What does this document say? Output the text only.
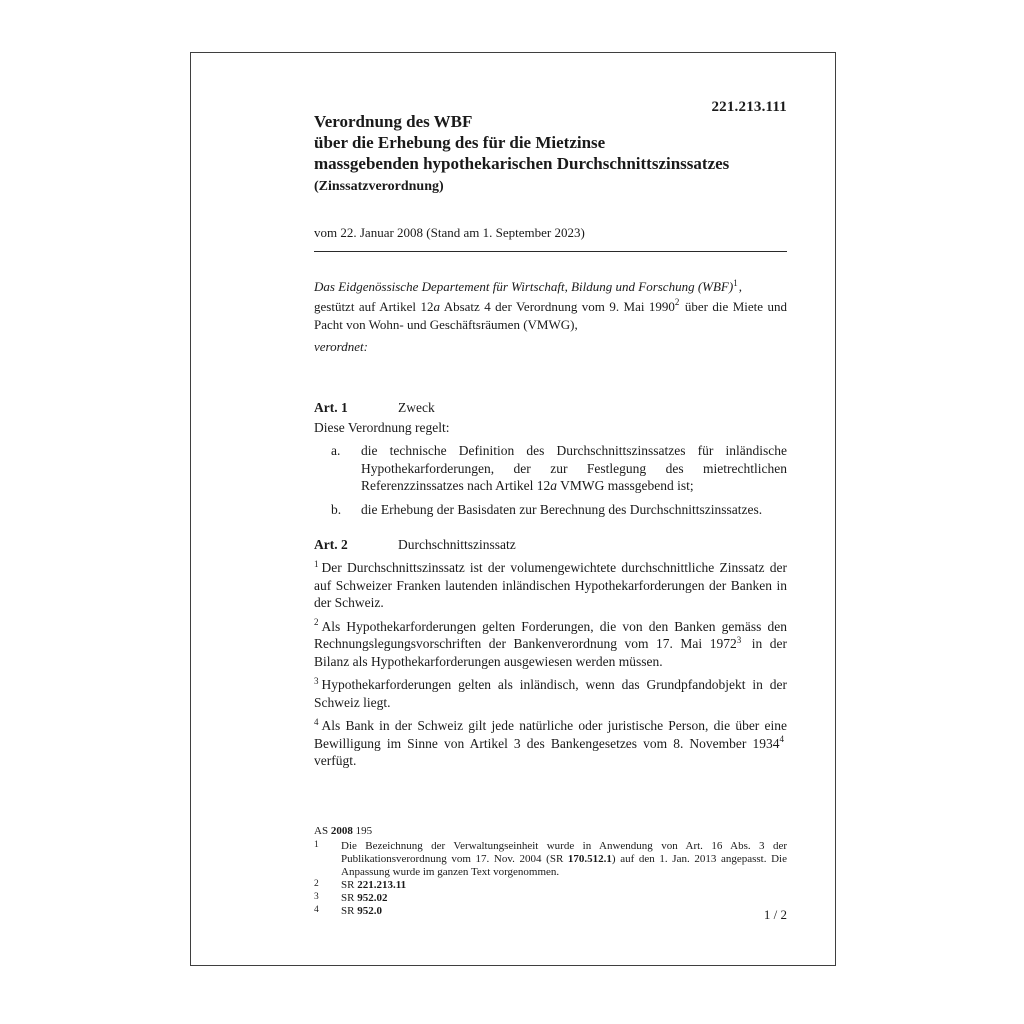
221.213.111
Verordnung des WBF
über die Erhebung des für die Mietzinse
massgebenden hypothekarischen Durchschnittszinssatzes
(Zinssatzverordnung)
vom 22. Januar 2008 (Stand am 1. September 2023)
Das Eidgenössische Departement für Wirtschaft, Bildung und Forschung (WBF)$^1$,
gestützt auf Artikel 12a Absatz 4 der Verordnung vom 9. Mai 1990$^2$ über die Miete und Pacht von Wohn- und Geschäftsräumen (VMWG),
verordnet:
Art. 1	Zweck
Diese Verordnung regelt:
a. die technische Definition des Durchschnittszinssatzes für inländische Hypothekarforderungen, der zur Festlegung des mietrechtlichen Referenzzinssatzes nach Artikel 12a VMWG massgebend ist;
b. die Erhebung der Basisdaten zur Berechnung des Durchschnittszinssatzes.
Art. 2	Durchschnittszinssatz

$^1$ Der Durchschnittszinssatz ist der volumengewichtete durchschnittliche Zinssatz der auf Schweizer Franken lautenden inländischen Hypothekarforderungen der Banken in der Schweiz.

$^2$ Als Hypothekarforderungen gelten Forderungen, die von den Banken gemäss den Rechnungslegungsvorschriften der Bankenverordnung vom 17. Mai 1972$^3$ in der Bilanz als Hypothekarforderungen ausgewiesen werden müssen.

$^3$ Hypothekarforderungen gelten als inländisch, wenn das Grundpfandobjekt in der Schweiz liegt.

$^4$ Als Bank in der Schweiz gilt jede natürliche oder juristische Person, die über eine Bewilligung im Sinne von Artikel 3 des Bankengesetzes vom 8. November 1934$^4$ verfügt.

AS 2008 195
1 Die Bezeichnung der Verwaltungseinheit wurde in Anwendung von Art. 16 Abs. 3 der Publikationsverordnung vom 17. Nov. 2004 (SR 170.512.1) auf den 1. Jan. 2013 angepasst. Die Anpassung wurde im ganzen Text vorgenommen.
2 SR 221.213.11
3 SR 952.02
4 SR 952.0	1 / 2
